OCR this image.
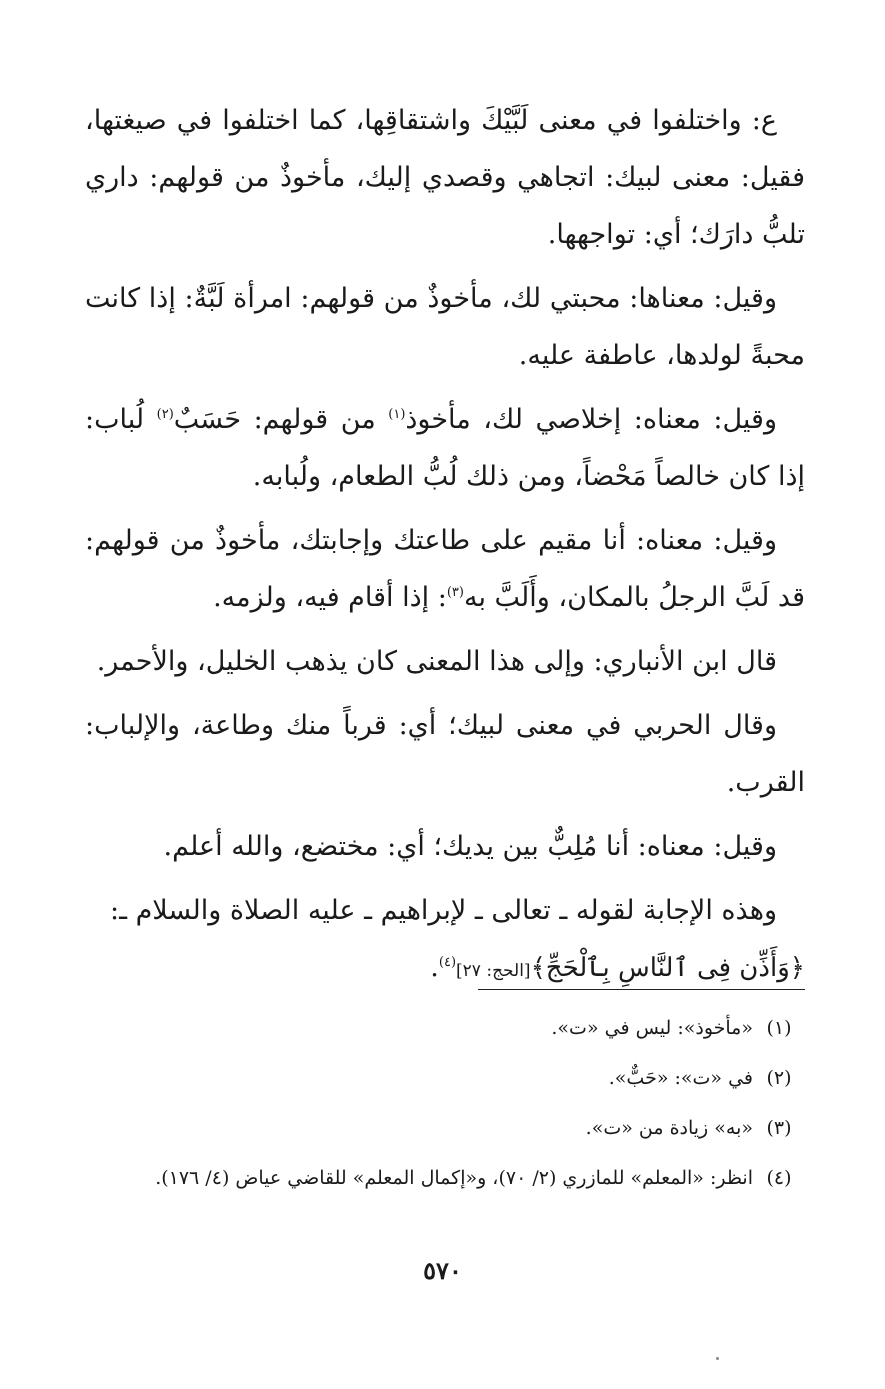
ع: واختلفوا في معنى لَبَّيْكَ واشتقاقِها، كما اختلفوا في صيغتها، فقيل: معنى لبيك: اتجاهي وقصدي إليك، مأخوذٌ من قولهم: داري تلبُّ دارَك؛ أي: تواجهها.

وقيل: معناها: محبتي لك، مأخوذٌ من قولهم: امرأة لَبَّةٌ: إذا كانت محبةً لولدها، عاطفة عليه.

وقيل: معناه: إخلاصي لك، مأخوذ$^{(١)}$ من قولهم: حَسَبٌ$^{(٢)}$ لُباب: إذا كان خالصاً مَحْضاً، ومن ذلك لُبُّ الطعام، ولُبابه.

وقيل: معناه: أنا مقيم على طاعتك وإجابتك، مأخوذٌ من قولهم: قد لَبَّ الرجلُ بالمكان، وأَلَبَّ به$^{(٣)}$: إذا أقام فيه، ولزمه.

قال ابن الأنباري: وإلى هذا المعنى كان يذهب الخليل، والأحمر.

وقال الحربي في معنى لبيك؛ أي: قرباً منك وطاعة، والإلباب: القرب.

وقيل: معناه: أنا مُلِبٌّ بين يديك؛ أي: مختضع، والله أعلم.

وهذه الإجابة لقوله ـ تعالى ـ لإبراهيم ـ عليه الصلاة والسلام ـ:

﴿وَأَذِّن فِى ٱلنَّاسِ بِٱلْحَجِّ﴾[الحج: ٢٧]$^{(٤)}$.

(١)
«مأخوذ»: ليس في «ت».
(٢)
في «ت»: «حَبٌّ».
(٣)
«به» زيادة من «ت».
(٤)
انظر: «المعلم» للمازري (٢/ ٧٠)، و«إكمال المعلم» للقاضي عياض (٤/ ١٧٦).
٥٧٠
